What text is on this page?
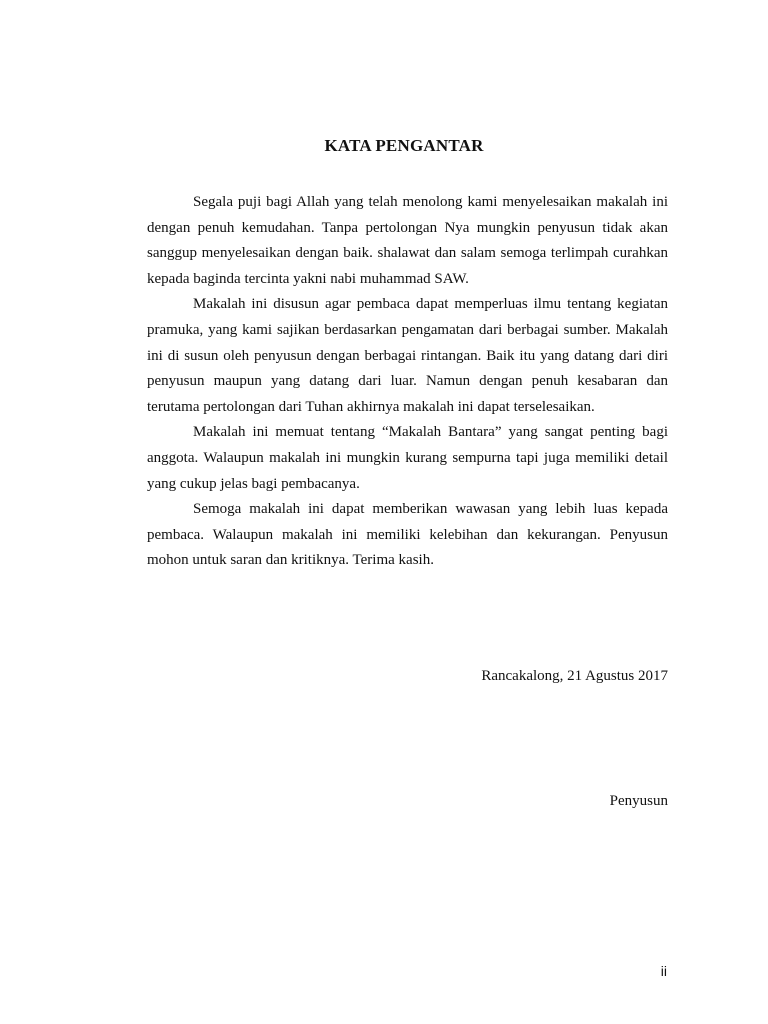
KATA PENGANTAR

Segala puji bagi Allah yang telah menolong kami menyelesaikan makalah ini dengan penuh kemudahan. Tanpa pertolongan Nya mungkin penyusun tidak akan sanggup menyelesaikan dengan baik. shalawat dan salam semoga terlimpah curahkan kepada baginda tercinta yakni nabi muhammad SAW.

Makalah ini disusun agar pembaca dapat memperluas ilmu tentang kegiatan pramuka, yang kami sajikan berdasarkan pengamatan dari berbagai sumber. Makalah ini di susun oleh penyusun dengan berbagai rintangan. Baik itu yang datang dari diri penyusun maupun yang datang dari luar. Namun dengan penuh kesabaran dan terutama pertolongan dari Tuhan akhirnya makalah ini dapat terselesaikan.

Makalah ini memuat tentang “Makalah Bantara” yang sangat penting bagi anggota. Walaupun makalah ini mungkin kurang sempurna tapi juga memiliki detail yang cukup jelas bagi pembacanya.

Semoga makalah ini dapat memberikan wawasan yang lebih luas kepada pembaca. Walaupun makalah ini memiliki kelebihan dan kekurangan. Penyusun mohon untuk saran dan kritiknya. Terima kasih.

Rancakalong, 21 Agustus 2017
Penyusun
ii
